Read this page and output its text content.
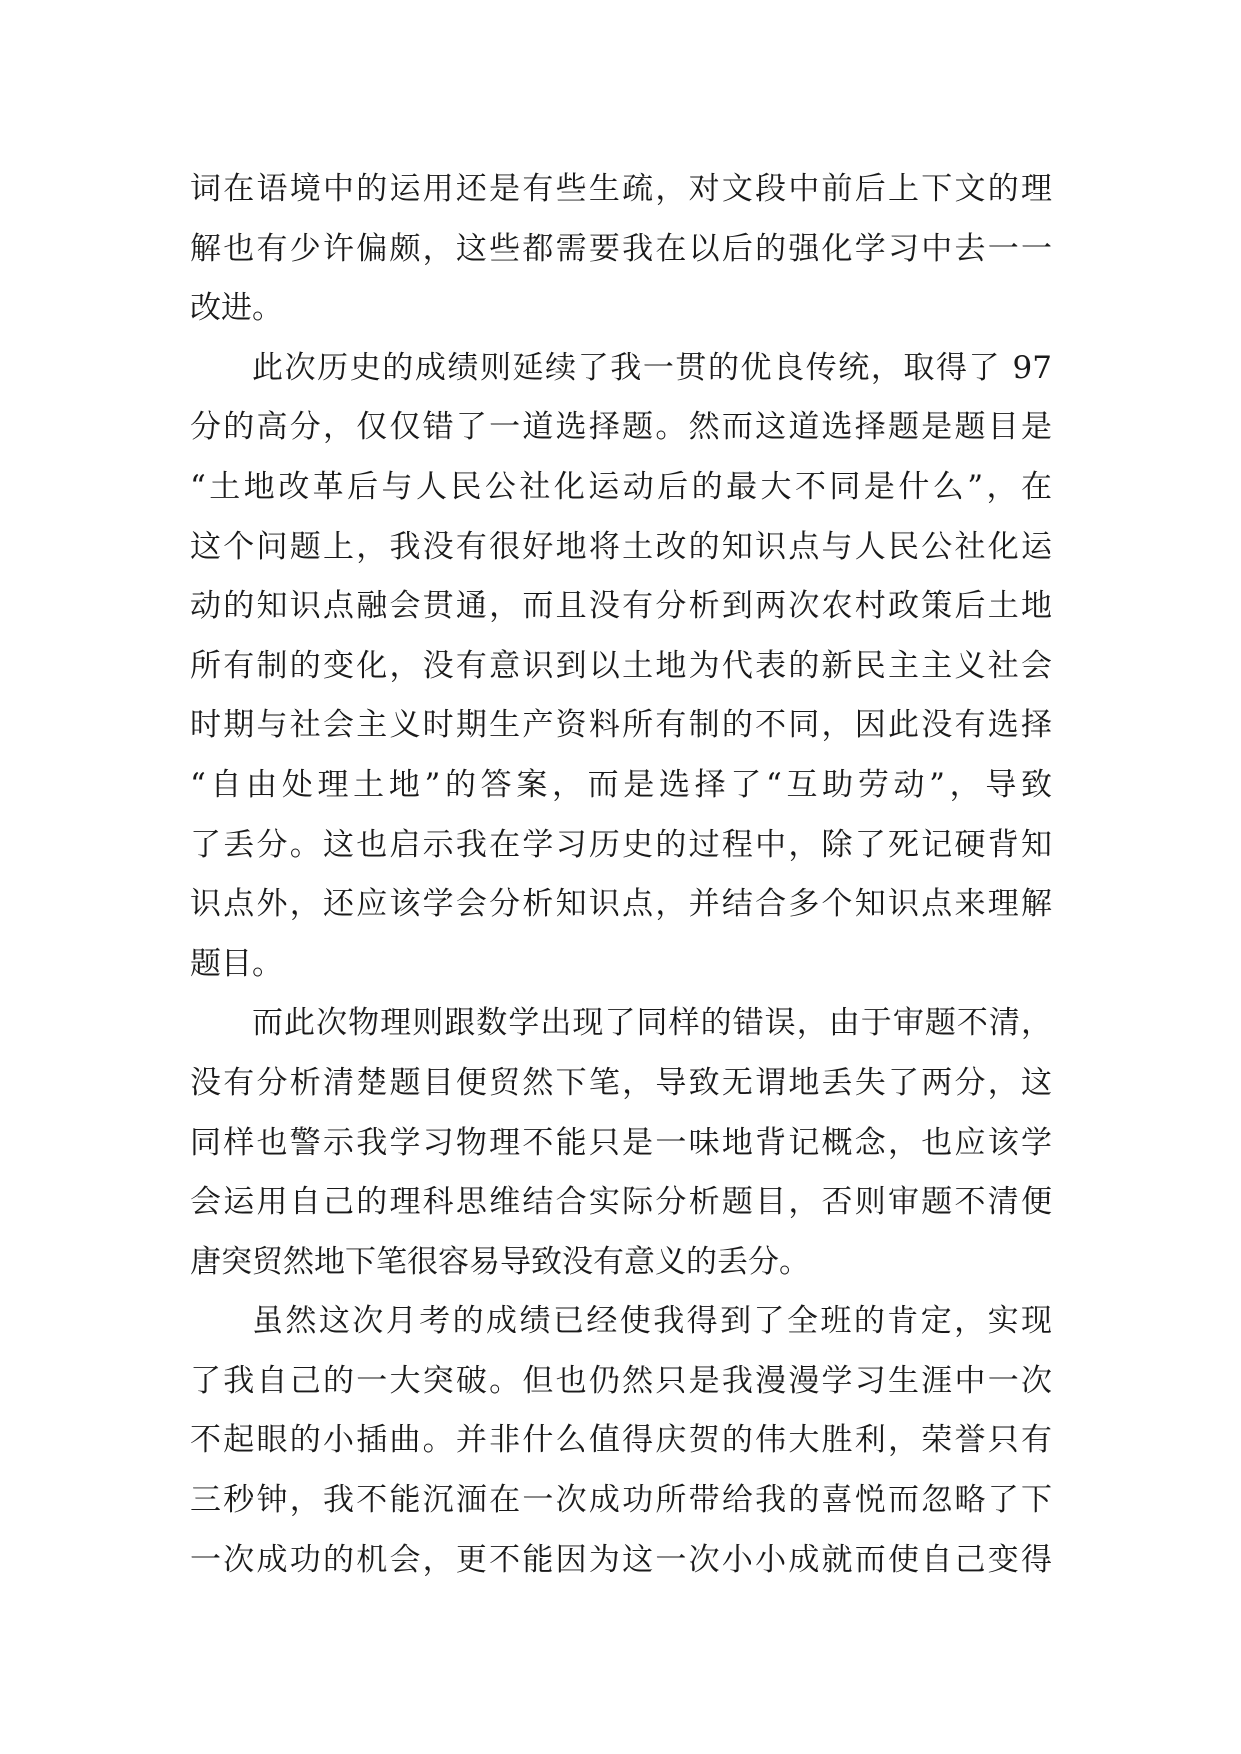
词在语境中的运用还是有些生疏，对文段中前后上下文的理
解也有少许偏颇，这些都需要我在以后的强化学习中去一一
改进。
此次历史的成绩则延续了我一贯的优良传统，取得了 97
分的高分，仅仅错了一道选择题。然而这道选择题是题目是
“土地改革后与人民公社化运动后的最大不同是什么”，在
这个问题上，我没有很好地将土改的知识点与人民公社化运
动的知识点融会贯通，而且没有分析到两次农村政策后土地
所有制的变化，没有意识到以土地为代表的新民主主义社会
时期与社会主义时期生产资料所有制的不同，因此没有选择
“自由处理土地”的答案，而是选择了“互助劳动”，导致
了丢分。这也启示我在学习历史的过程中，除了死记硬背知
识点外，还应该学会分析知识点，并结合多个知识点来理解
题目。
而此次物理则跟数学出现了同样的错误，由于审题不清，
没有分析清楚题目便贸然下笔，导致无谓地丢失了两分，这
同样也警示我学习物理不能只是一味地背记概念，也应该学
会运用自己的理科思维结合实际分析题目，否则审题不清便
唐突贸然地下笔很容易导致没有意义的丢分。
虽然这次月考的成绩已经使我得到了全班的肯定，实现
了我自己的一大突破。但也仍然只是我漫漫学习生涯中一次
不起眼的小插曲。并非什么值得庆贺的伟大胜利，荣誉只有
三秒钟，我不能沉湎在一次成功所带给我的喜悦而忽略了下
一次成功的机会，更不能因为这一次小小成就而使自己变得
